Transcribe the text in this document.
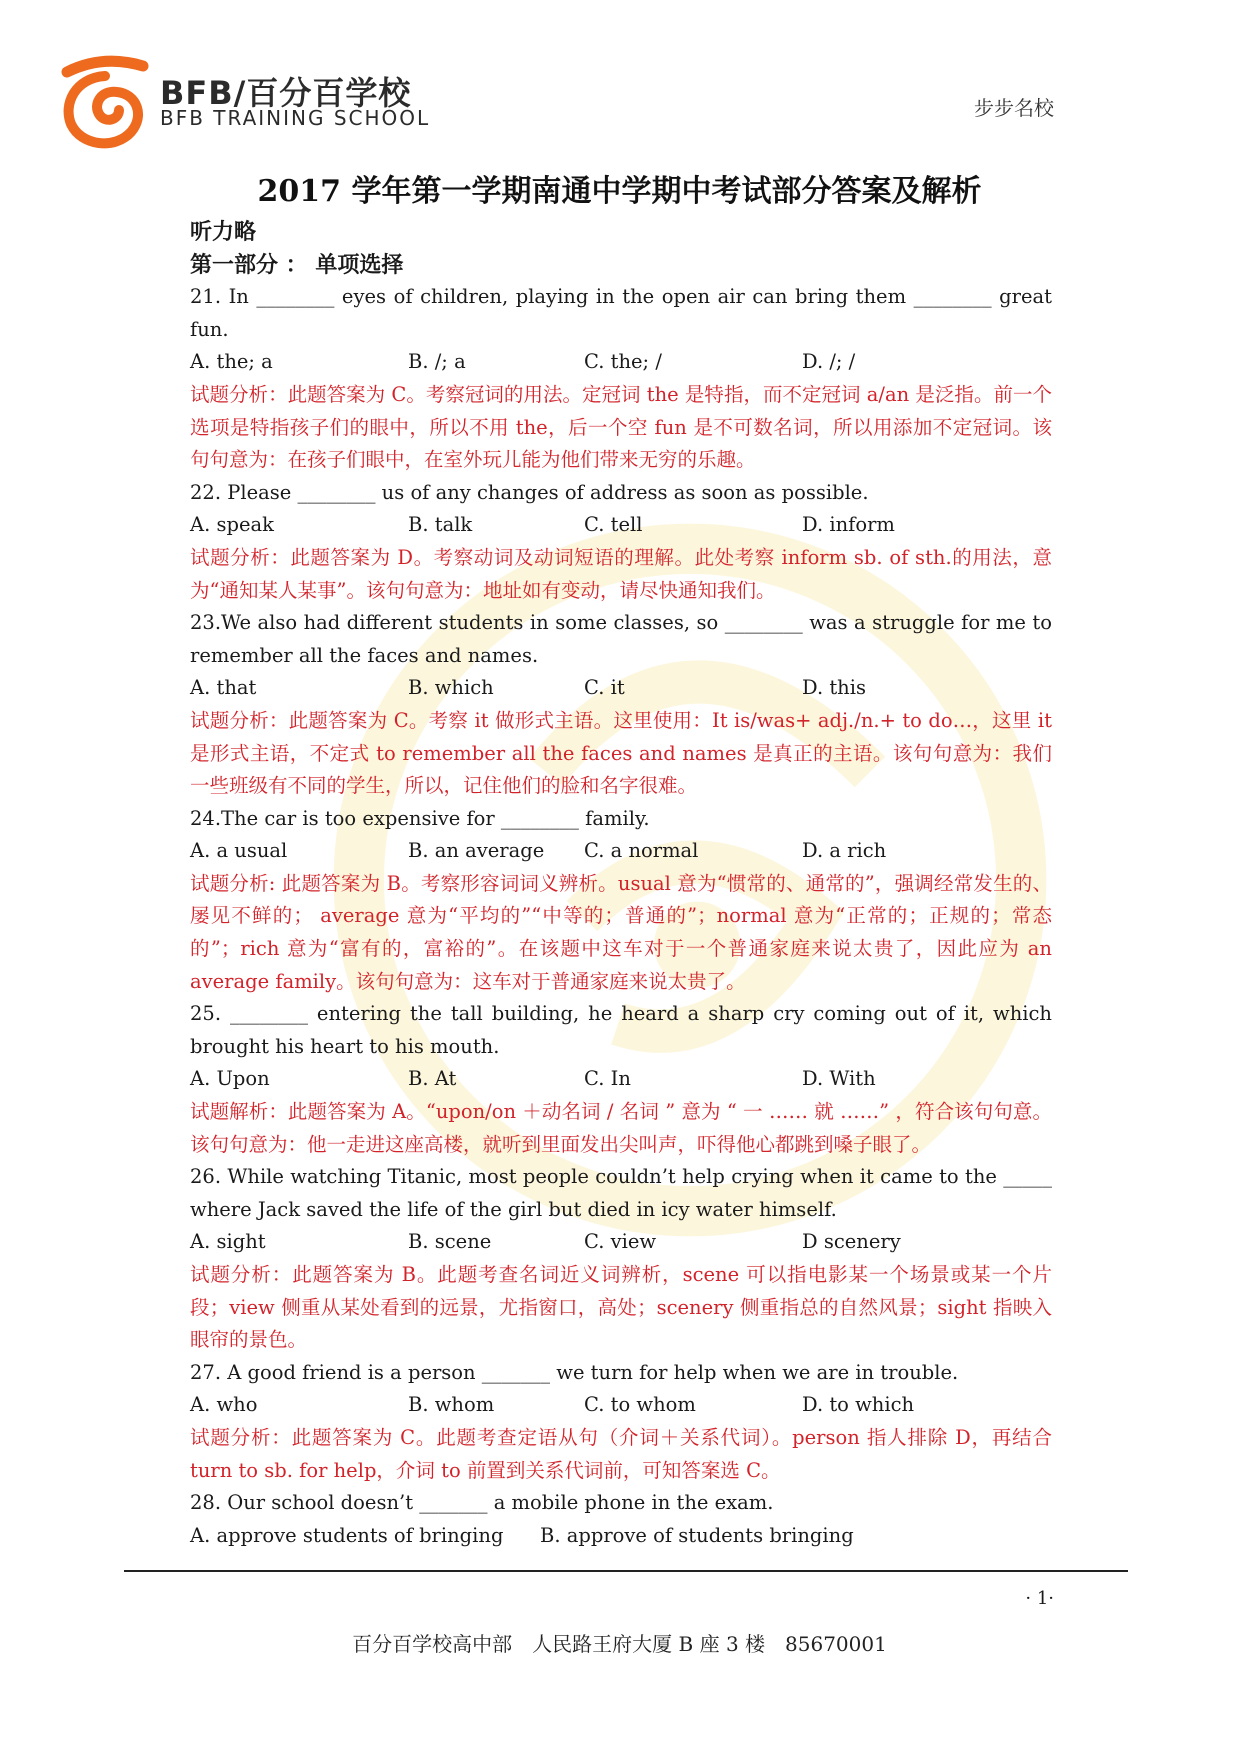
BFB/百分百学校
BFB TRAINING SCHOOL	步步名校
2017 学年第一学期南通中学期中考试部分答案及解析

听力略

第一部分 ： 单项选择

21. In ________ eyes of children, playing in the open air can bring them ________ great fun.

A. the; a	B. /; a	C. the; /	D. /; /

试题分析：此题答案为 C。考察冠词的用法。定冠词 the 是特指，而不定冠词 a/an 是泛指。前一个选项是特指孩子们的眼中，所以不用 the，后一个空 fun 是不可数名词，所以用添加不定冠词。该句句意为：在孩子们眼中，在室外玩儿能为他们带来无穷的乐趣。

22. Please ________ us of any changes of address as soon as possible.

A. speak	B. talk	C. tell	D. inform

试题分析：此题答案为 D。考察动词及动词短语的理解。此处考察 inform sb. of sth.的用法，意为“通知某人某事”。该句句意为：地址如有变动，请尽快通知我们。

23.We also had different students in some classes, so ________ was a struggle for me to remember all the faces and names.

A. that	B. which	C. it	D. this

试题分析：此题答案为 C。考察 it 做形式主语。这里使用：It is/was+ adj./n.+ to do…，这里 it 是形式主语，不定式 to remember all the faces and names 是真正的主语。该句句意为：我们一些班级有不同的学生，所以，记住他们的脸和名字很难。

24.The car is too expensive for ________ family.

A. a usual	B. an average	C. a normal	D. a rich

试题分析: 此题答案为 B。考察形容词词义辨析。usual 意为“惯常的、通常的”，强调经常发生的、屡见不鲜的； average 意为“平均的”“中等的；普通的”；normal 意为“正常的；正规的；常态的”；rich 意为“富有的，富裕的”。在该题中这车对于一个普通家庭来说太贵了，因此应为 an average family。该句句意为：这车对于普通家庭来说太贵了。

25. ________ entering the tall building, he heard a sharp cry coming out of it, which brought his heart to his mouth.

A. Upon	B. At	C. In	D. With

试题解析：此题答案为 A。“upon/on ＋动名词 / 名词 ” 意为 “ 一 …… 就 ……” ，符合该句句意。该句句意为：他一走进这座高楼，就听到里面发出尖叫声，吓得他心都跳到嗓子眼了。

26. While watching Titanic, most people couldn’t help crying when it came to the _____ where Jack saved the life of the girl but died in icy water himself.

A. sight	B. scene	C. view	D scenery

试题分析：此题答案为 B。此题考查名词近义词辨析，scene 可以指电影某一个场景或某一个片段；view 侧重从某处看到的远景，尤指窗口，高处；scenery 侧重指总的自然风景；sight 指映入眼帘的景色。

27. A good friend is a person _______ we turn for help when we are in trouble.

A. who	B. whom	C. to whom	D. to which

试题分析：此题答案为 C。此题考查定语从句（介词＋关系代词）。person 指人排除 D，再结合 turn to sb. for help，介词 to 前置到关系代词前，可知答案选 C。

28. Our school doesn’t _______ a mobile phone in the exam.

A. approve students of bringing	B. approve of students bringing

· 1·
百分百学校高中部　人民路王府大厦 B 座 3 楼　85670001
